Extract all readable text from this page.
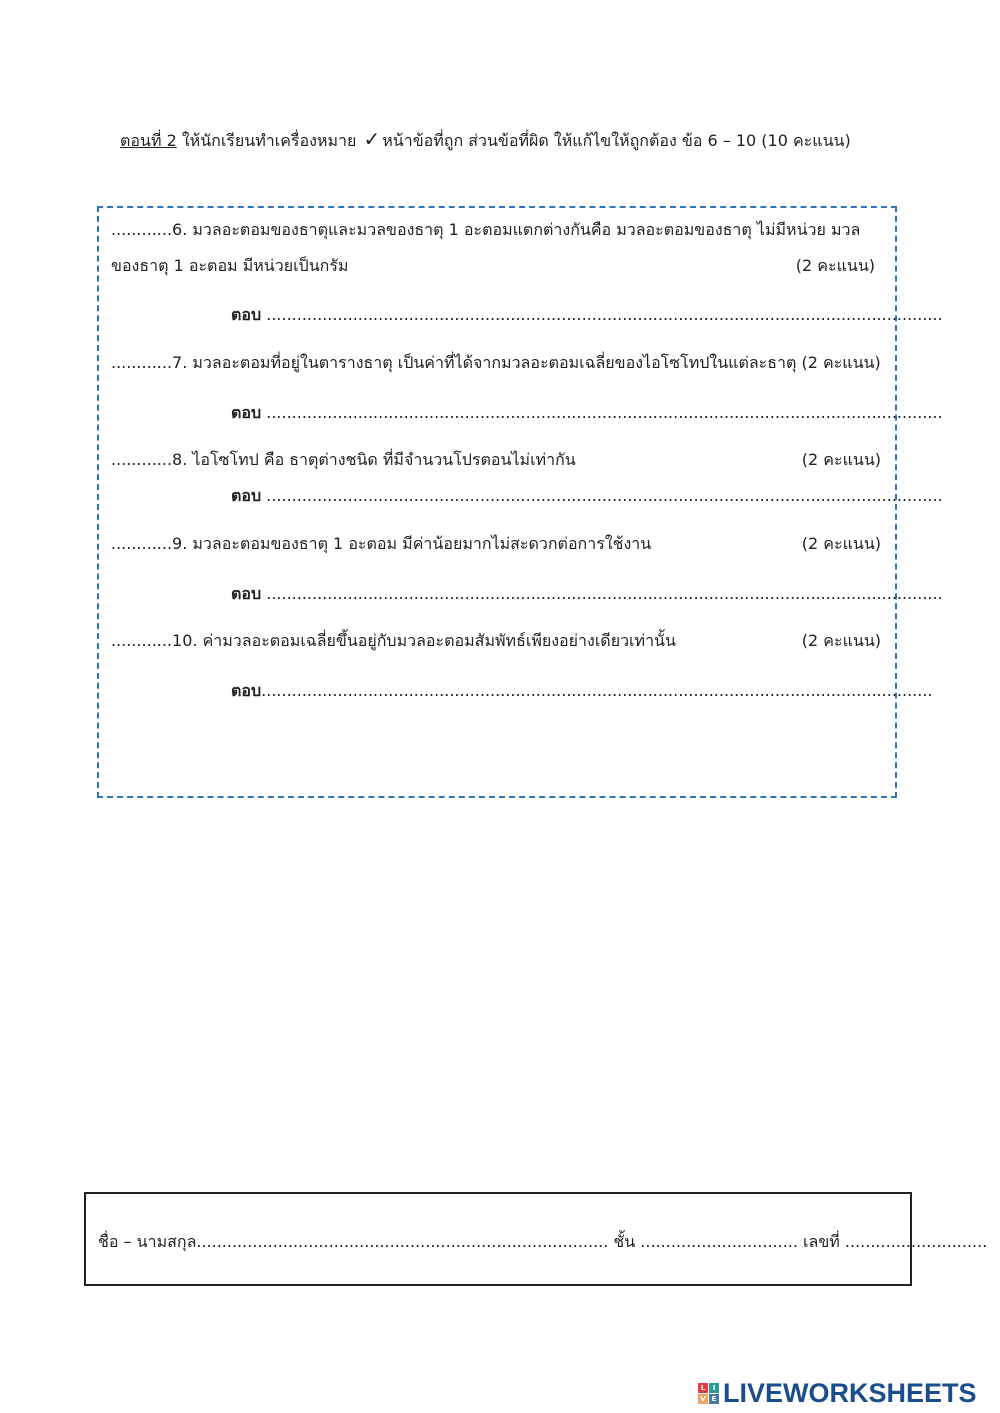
ตอนที่ 2 ให้นักเรียนทำเครื่องหมาย ✓ หน้าข้อที่ถูก ส่วนข้อที่ผิด ให้แก้ไขให้ถูกต้อง ข้อ 6 – 10 (10 คะแนน)
............6. มวลอะตอมของธาตุและมวลของธาตุ 1 อะตอมแตกต่างกันคือ มวลอะตอมของธาตุ ไม่มีหน่วย มวล
ของธาตุ 1 อะตอม มีหน่วยเป็นกรัม	(2 คะแนน)
ตอบ .....................................................................................................................................
............7. มวลอะตอมที่อยู่ในตารางธาตุ เป็นค่าที่ได้จากมวลอะตอมเฉลี่ยของไอโซโทปในแต่ละธาตุ (2 คะแนน)
ตอบ .....................................................................................................................................
............8. ไอโซโทป คือ ธาตุต่างชนิด ที่มีจำนวนโปรตอนไม่เท่ากัน	(2 คะแนน)
ตอบ .....................................................................................................................................
............9. มวลอะตอมของธาตุ 1 อะตอม มีค่าน้อยมากไม่สะดวกต่อการใช้งาน	(2 คะแนน)
ตอบ .....................................................................................................................................
............10. ค่ามวลอะตอมเฉลี่ยขึ้นอยู่กับมวลอะตอมสัมพัทธ์เพียงอย่างเดียวเท่านั้น	(2 คะแนน)
ตอบ....................................................................................................................................
ชื่อ – นามสกุล................................................................................. ชั้น ............................... เลขที่ ............................
L	I
V E LIVEWORKSHEETS
